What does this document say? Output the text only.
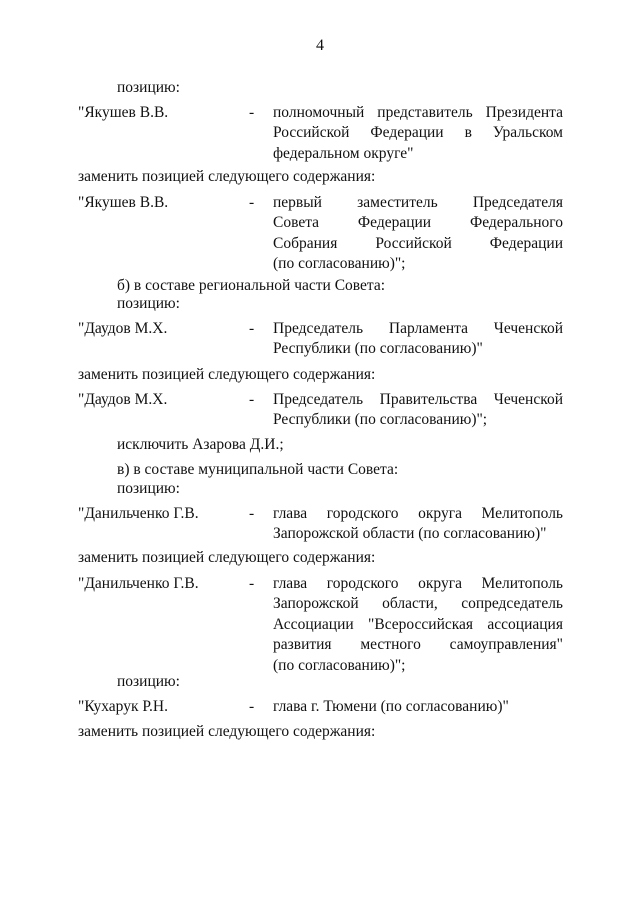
4
позицию:
"Якушев В.В.	- полномочный представитель Президента
Российской Федерации в Уральском
федеральном округе"
заменить позицией следующего содержания:
"Якушев В.В.	- первый заместитель Председателя
Совета Федерации Федерального
Собрания Российской Федерации
(по согласованию)";
б) в составе региональной части Совета:
позицию:
"Даудов М.Х.	- Председатель Парламента Чеченской
Республики (по согласованию)"
заменить позицией следующего содержания:
"Даудов М.Х.	- Председатель Правительства Чеченской
Республики (по согласованию)";
исключить Азарова Д.И.;
в) в составе муниципальной части Совета:
позицию:
"Данильченко Г.В.	- глава городского округа Мелитополь
Запорожской области (по согласованию)"
заменить позицией следующего содержания:
"Данильченко Г.В.	- глава городского округа Мелитополь
Запорожской области, сопредседатель
Ассоциации "Всероссийская ассоциация
развития местного самоуправления"
(по согласованию)";
позицию:
"Кухарук Р.Н.	- глава г. Тюмени (по согласованию)"
заменить позицией следующего содержания:
